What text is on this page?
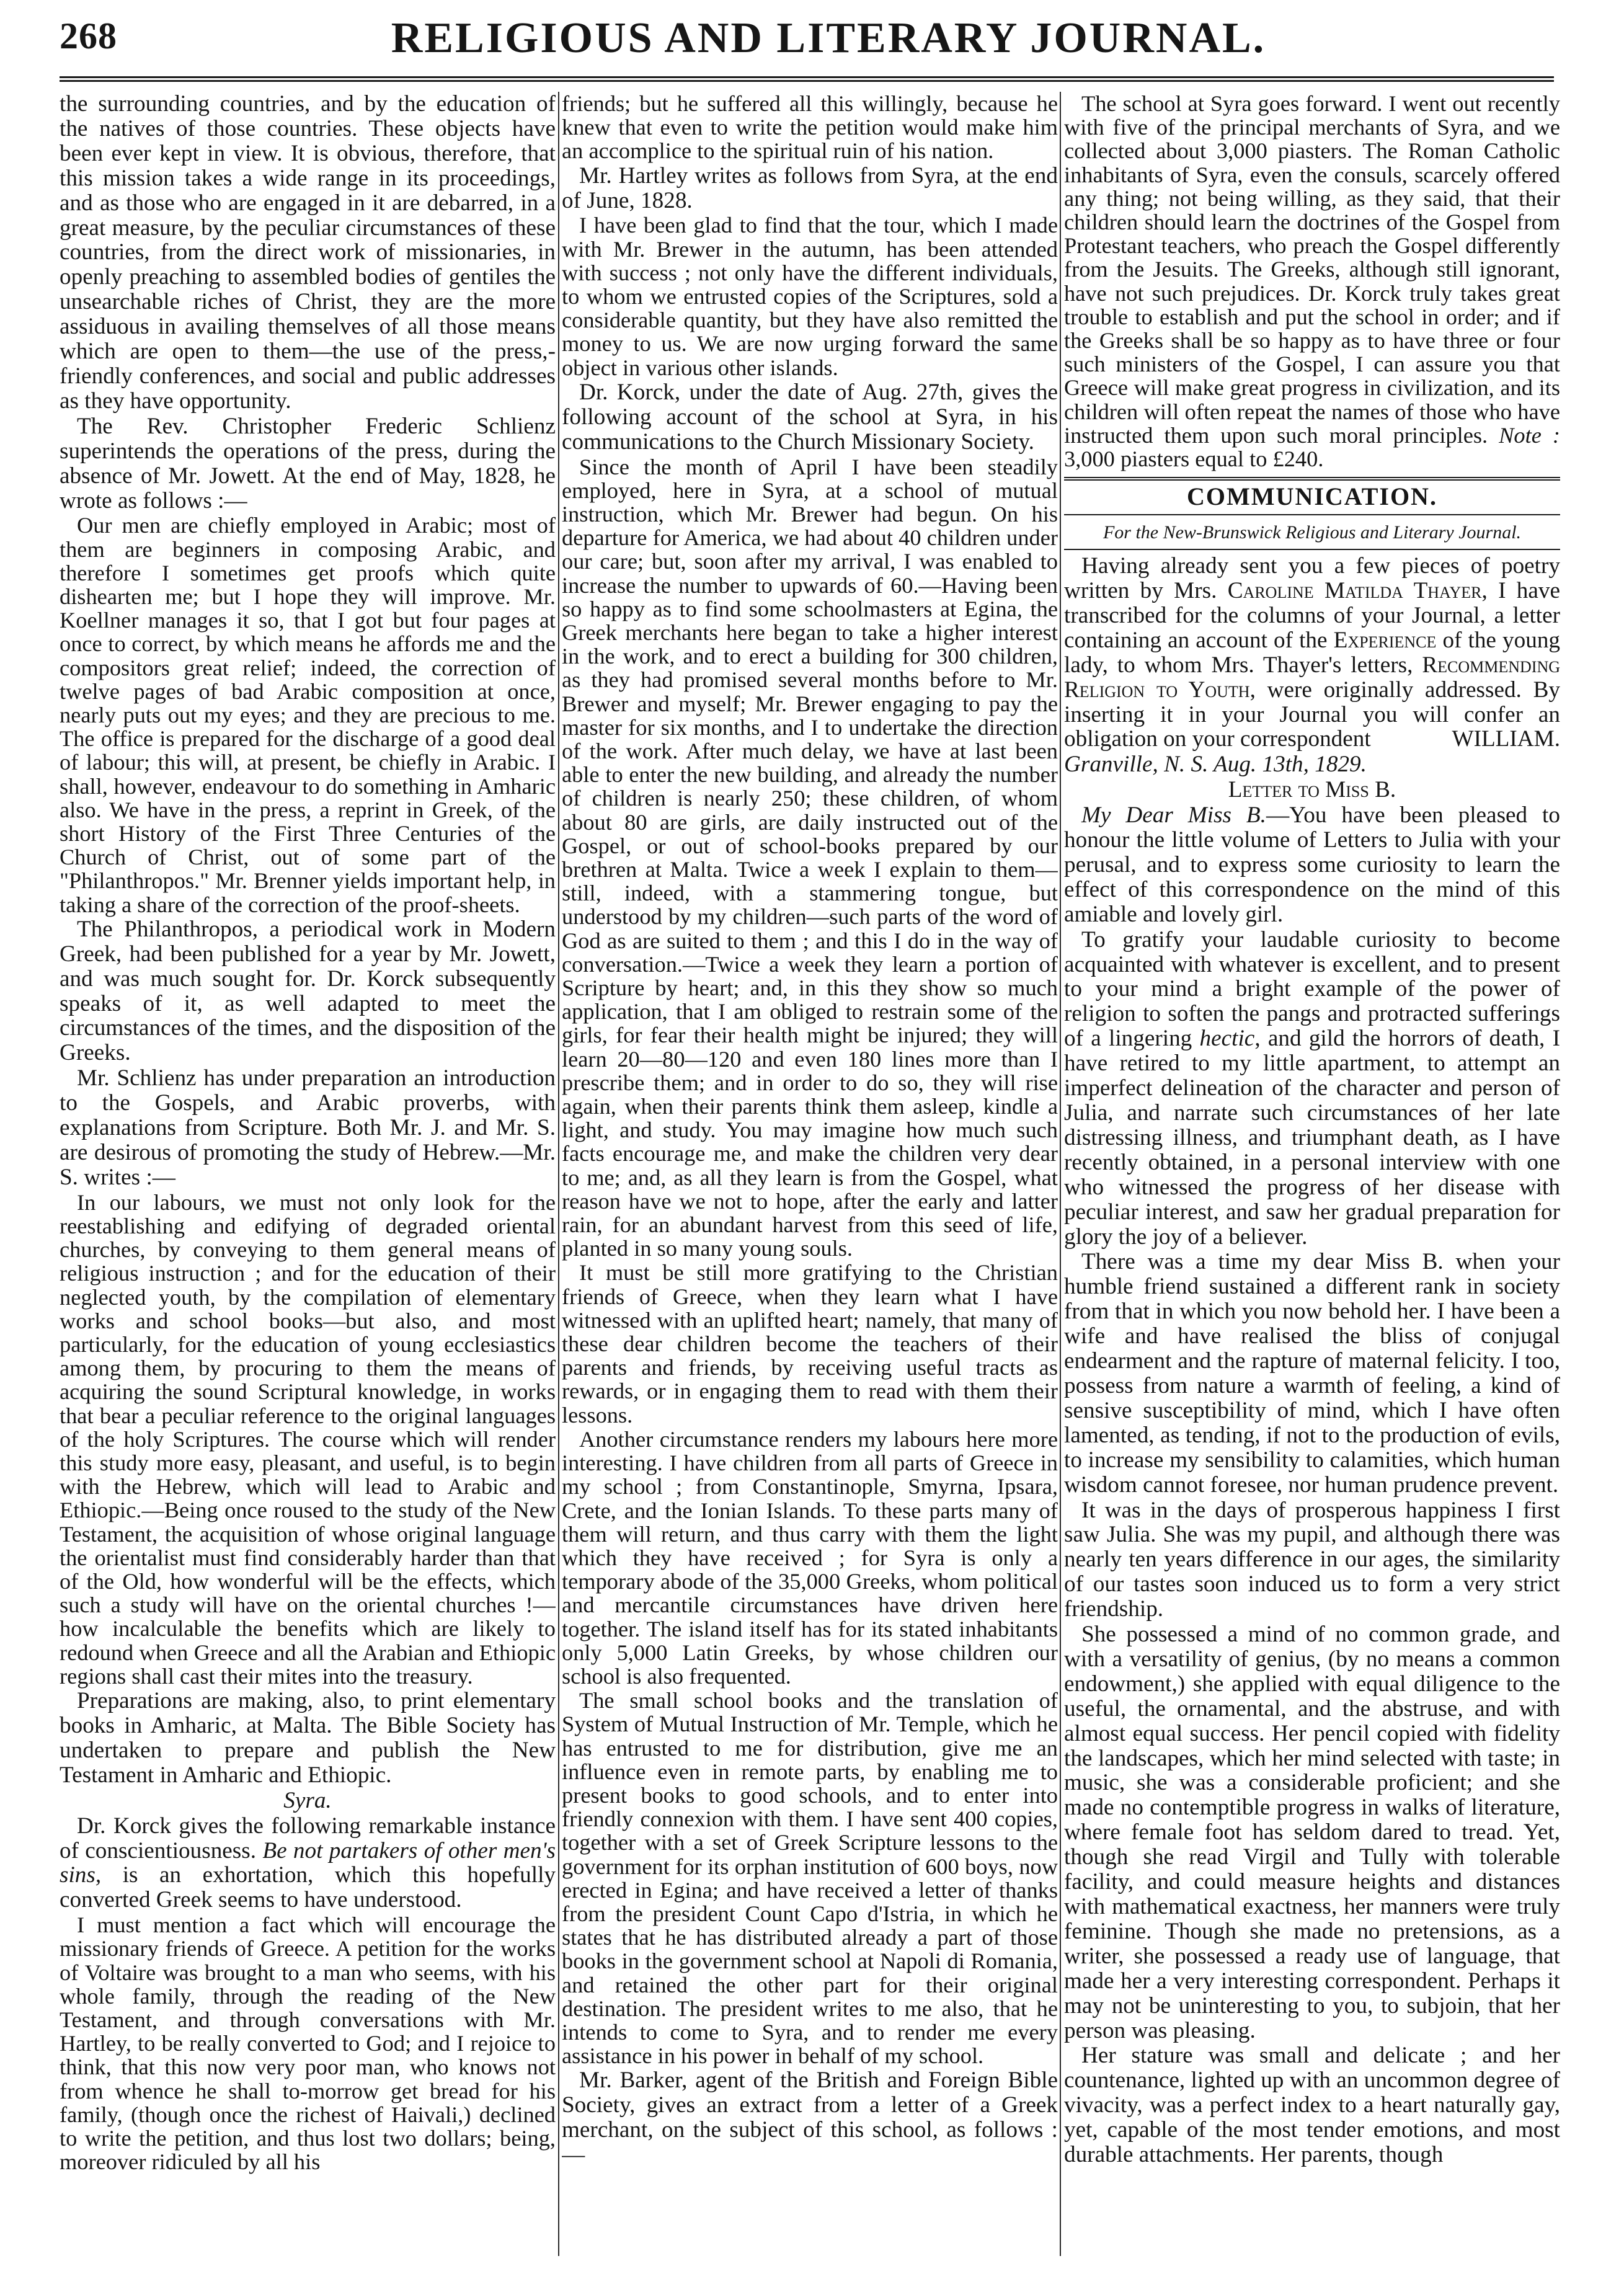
268	RELIGIOUS AND LITERARY JOURNAL.

the surrounding countries, and by the education of the natives of those countries. These objects have been ever kept in view. It is obvious, therefore, that this mission takes a wide range in its proceedings, and as those who are engaged in it are debarred, in a great measure, by the peculiar circumstances of these countries, from the direct work of missionaries, in openly preaching to assembled bodies of gentiles the unsearchable riches of Christ, they are the more assiduous in availing themselves of all those means which are open to them—the use of the press,-friendly conferences, and social and public addresses as they have opportunity.

The Rev. Christopher Frederic Schlienz superintends the operations of the press, during the absence of Mr. Jowett. At the end of May, 1828, he wrote as follows :—

Our men are chiefly employed in Arabic; most of them are beginners in composing Arabic, and therefore I sometimes get proofs which quite dishearten me; but I hope they will improve. Mr. Koellner manages it so, that I got but four pages at once to correct, by which means he affords me and the compositors great relief; indeed, the correction of twelve pages of bad Arabic composition at once, nearly puts out my eyes; and they are precious to me. The office is prepared for the discharge of a good deal of labour; this will, at present, be chiefly in Arabic. I shall, however, endeavour to do something in Amharic also. We have in the press, a reprint in Greek, of the short History of the First Three Centuries of the Church of Christ, out of some part of the "Philanthropos." Mr. Brenner yields important help, in taking a share of the correction of the proof-sheets.

The Philanthropos, a periodical work in Modern Greek, had been published for a year by Mr. Jowett, and was much sought for. Dr. Korck subsequently speaks of it, as well adapted to meet the circumstances of the times, and the disposition of the Greeks.

Mr. Schlienz has under preparation an introduction to the Gospels, and Arabic proverbs, with explanations from Scripture. Both Mr. J. and Mr. S. are desirous of promoting the study of Hebrew.—Mr. S. writes :—

In our labours, we must not only look for the reestablishing and edifying of degraded oriental churches, by conveying to them general means of religious instruction ; and for the education of their neglected youth, by the compilation of elementary works and school books—but also, and most particularly, for the education of young ecclesiastics among them, by procuring to them the means of acquiring the sound Scriptural knowledge, in works that bear a peculiar reference to the original languages of the holy Scriptures. The course which will render this study more easy, pleasant, and useful, is to begin with the Hebrew, which will lead to Arabic and Ethiopic.—Being once roused to the study of the New Testament, the acquisition of whose original language the orientalist must find considerably harder than that of the Old, how wonderful will be the effects, which such a study will have on the oriental churches !—how incalculable the benefits which are likely to redound when Greece and all the Arabian and Ethiopic regions shall cast their mites into the treasury.

Preparations are making, also, to print elementary books in Amharic, at Malta. The Bible Society has undertaken to prepare and publish the New Testament in Amharic and Ethiopic.

Syra.

Dr. Korck gives the following remarkable instance of conscientiousness. Be not partakers of other men's sins, is an exhortation, which this hopefully converted Greek seems to have understood.

I must mention a fact which will encourage the missionary friends of Greece. A petition for the works of Voltaire was brought to a man who seems, with his whole family, through the reading of the New Testament, and through conversations with Mr. Hartley, to be really converted to God; and I rejoice to think, that this now very poor man, who knows not from whence he shall to-morrow get bread for his family, (though once the richest of Haivali,) declined to write the petition, and thus lost two dollars; being, moreover ridiculed by all his

friends; but he suffered all this willingly, because he knew that even to write the petition would make him an accomplice to the spiritual ruin of his nation.

Mr. Hartley writes as follows from Syra, at the end of June, 1828.

I have been glad to find that the tour, which I made with Mr. Brewer in the autumn, has been attended with success ; not only have the different individuals, to whom we entrusted copies of the Scriptures, sold a considerable quantity, but they have also remitted the money to us. We are now urging forward the same object in various other islands.

Dr. Korck, under the date of Aug. 27th, gives the following account of the school at Syra, in his communications to the Church Missionary Society.

Since the month of April I have been steadily employed, here in Syra, at a school of mutual instruction, which Mr. Brewer had begun. On his departure for America, we had about 40 children under our care; but, soon after my arrival, I was enabled to increase the number to upwards of 60.—Having been so happy as to find some schoolmasters at Egina, the Greek merchants here began to take a higher interest in the work, and to erect a building for 300 children, as they had promised several months before to Mr. Brewer and myself; Mr. Brewer engaging to pay the master for six months, and I to undertake the direction of the work. After much delay, we have at last been able to enter the new building, and already the number of children is nearly 250; these children, of whom about 80 are girls, are daily instructed out of the Gospel, or out of school-books prepared by our brethren at Malta. Twice a week I explain to them—still, indeed, with a stammering tongue, but understood by my children—such parts of the word of God as are suited to them ; and this I do in the way of conversation.—Twice a week they learn a portion of Scripture by heart; and, in this they show so much application, that I am obliged to restrain some of the girls, for fear their health might be injured; they will learn 20—80—120 and even 180 lines more than I prescribe them; and in order to do so, they will rise again, when their parents think them asleep, kindle a light, and study. You may imagine how much such facts encourage me, and make the children very dear to me; and, as all they learn is from the Gospel, what reason have we not to hope, after the early and latter rain, for an abundant harvest from this seed of life, planted in so many young souls.

It must be still more gratifying to the Christian friends of Greece, when they learn what I have witnessed with an uplifted heart; namely, that many of these dear children become the teachers of their parents and friends, by receiving useful tracts as rewards, or in engaging them to read with them their lessons.

Another circumstance renders my labours here more interesting. I have children from all parts of Greece in my school ; from Constantinople, Smyrna, Ipsara, Crete, and the Ionian Islands. To these parts many of them will return, and thus carry with them the light which they have received ; for Syra is only a temporary abode of the 35,000 Greeks, whom political and mercantile circumstances have driven here together. The island itself has for its stated inhabitants only 5,000 Latin Greeks, by whose children our school is also frequented.

The small school books and the translation of System of Mutual Instruction of Mr. Temple, which he has entrusted to me for distribution, give me an influence even in remote parts, by enabling me to present books to good schools, and to enter into friendly connexion with them. I have sent 400 copies, together with a set of Greek Scripture lessons to the government for its orphan institution of 600 boys, now erected in Egina; and have received a letter of thanks from the president Count Capo d'Istria, in which he states that he has distributed already a part of those books in the government school at Napoli di Romania, and retained the other part for their original destination. The president writes to me also, that he intends to come to Syra, and to render me every assistance in his power in behalf of my school.

Mr. Barker, agent of the British and Foreign Bible Society, gives an extract from a letter of a Greek merchant, on the subject of this school, as follows :—

The school at Syra goes forward. I went out recently with five of the principal merchants of Syra, and we collected about 3,000 piasters. The Roman Catholic inhabitants of Syra, even the consuls, scarcely offered any thing; not being willing, as they said, that their children should learn the doctrines of the Gospel from Protestant teachers, who preach the Gospel differently from the Jesuits. The Greeks, although still ignorant, have not such prejudices. Dr. Korck truly takes great trouble to establish and put the school in order; and if the Greeks shall be so happy as to have three or four such ministers of the Gospel, I can assure you that Greece will make great progress in civilization, and its children will often repeat the names of those who have instructed them upon such moral principles. Note : 3,000 piasters equal to £240.

COMMUNICATION.
For the New-Brunswick Religious and Literary Journal.

Having already sent you a few pieces of poetry written by Mrs. Caroline Matilda Thayer, I have transcribed for the columns of your Journal, a letter containing an account of the Experience of the young lady, to whom Mrs. Thayer's letters, Recommending Religion to Youth, were originally addressed. By inserting it in your Journal you will confer an obligation on your correspondent	WILLIAM.

Granville, N. S. Aug. 13th, 1829.

Letter to Miss B.

My Dear Miss B.—You have been pleased to honour the little volume of Letters to Julia with your perusal, and to express some curiosity to learn the effect of this correspondence on the mind of this amiable and lovely girl.

To gratify your laudable curiosity to become acquainted with whatever is excellent, and to present to your mind a bright example of the power of religion to soften the pangs and protracted sufferings of a lingering hectic, and gild the horrors of death, I have retired to my little apartment, to attempt an imperfect delineation of the character and person of Julia, and narrate such circumstances of her late distressing illness, and triumphant death, as I have recently obtained, in a personal interview with one who witnessed the progress of her disease with peculiar interest, and saw her gradual preparation for glory the joy of a believer.

There was a time my dear Miss B. when your humble friend sustained a different rank in society from that in which you now behold her. I have been a wife and have realised the bliss of conjugal endearment and the rapture of maternal felicity. I too, possess from nature a warmth of feeling, a kind of sensive susceptibility of mind, which I have often lamented, as tending, if not to the production of evils, to increase my sensibility to calamities, which human wisdom cannot foresee, nor human prudence prevent.

It was in the days of prosperous happiness I first saw Julia. She was my pupil, and although there was nearly ten years difference in our ages, the similarity of our tastes soon induced us to form a very strict friendship.

She possessed a mind of no common grade, and with a versatility of genius, (by no means a common endowment,) she applied with equal diligence to the useful, the ornamental, and the abstruse, and with almost equal success. Her pencil copied with fidelity the landscapes, which her mind selected with taste; in music, she was a considerable proficient; and she made no contemptible progress in walks of literature, where female foot has seldom dared to tread. Yet, though she read Virgil and Tully with tolerable facility, and could measure heights and distances with mathematical exactness, her manners were truly feminine. Though she made no pretensions, as a writer, she possessed a ready use of language, that made her a very interesting correspondent. Perhaps it may not be uninteresting to you, to subjoin, that her person was pleasing.

Her stature was small and delicate ; and her countenance, lighted up with an uncommon degree of vivacity, was a perfect index to a heart naturally gay, yet, capable of the most tender emotions, and most durable attachments. Her parents, though
